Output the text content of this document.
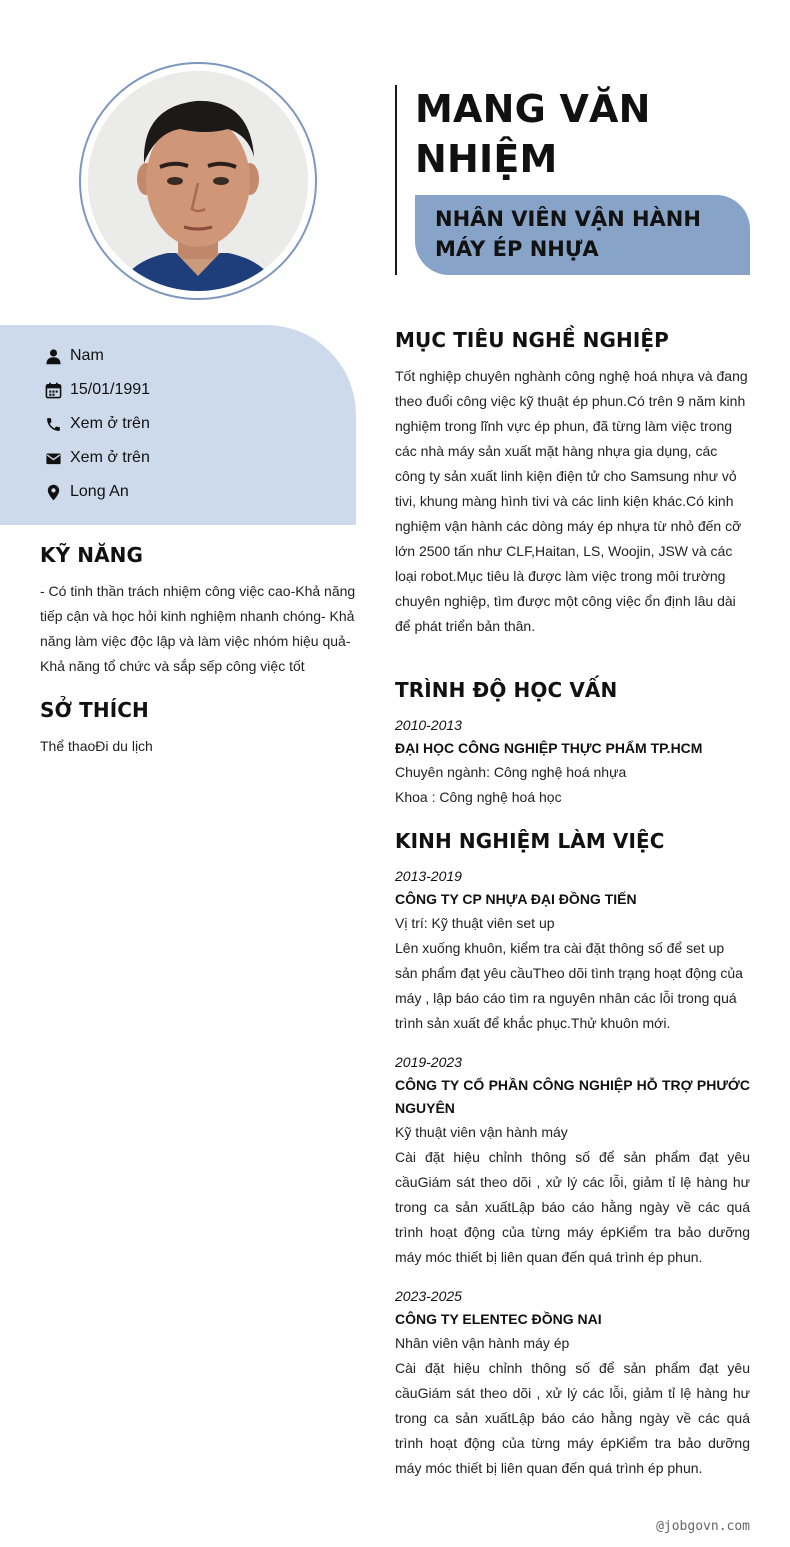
MANG VĂN NHIỆM
NHÂN VIÊN VẬN HÀNH MÁY ÉP NHỰA
Nam
15/01/1991
Xem ở trên
Xem ở trên
Long An
KỸ NĂNG
- Có tinh thần trách nhiệm công việc cao-Khả năng tiếp cận và học hỏi kinh nghiệm nhanh chóng- Khả năng làm việc độc lập và làm việc nhóm hiệu quả-Khả năng tổ chức và sắp sếp công việc tốt
SỞ THÍCH
Thể thaoĐi du lịch
MỤC TIÊU NGHỀ NGHIỆP
Tốt nghiệp chuyên nghành công nghệ hoá nhựa và đang theo đuổi công việc kỹ thuật ép phun.Có trên 9 năm kinh nghiệm trong lĩnh vực ép phun, đã từng làm việc trong các nhà máy sản xuất mặt hàng nhựa gia dụng, các công ty sản xuất linh kiện điện tử cho Samsung như vỏ tivi, khung màng hình tivi và các linh kiện khác.Có kinh nghiệm vận hành các dòng máy ép nhựa từ nhỏ đến cỡ lớn 2500 tấn như CLF,Haitan, LS, Woojin, JSW và các loại robot.Mục tiêu là được làm việc trong môi trường chuyên nghiệp, tìm được một công việc ổn định lâu dài để phát triển bản thân.
TRÌNH ĐỘ HỌC VẤN
2010-2013
ĐẠI HỌC CÔNG NGHIỆP THỰC PHẨM TP.HCM
Chuyên ngành: Công nghệ hoá nhựa
Khoa : Công nghệ hoá học
KINH NGHIỆM LÀM VIỆC
2013-2019
CÔNG TY CP NHỰA ĐẠI ĐỒNG TIẾN
Vị trí: Kỹ thuật viên set up
Lên xuống khuôn, kiểm tra cài đặt thông số để set up sản phẩm đạt yêu cầuTheo dõi tình trạng hoạt động của máy , lập báo cáo tìm ra nguyên nhân các lỗi trong quá trình sản xuất để khắc phục.Thử khuôn mới.
2019-2023
CÔNG TY CỔ PHẦN CÔNG NGHIỆP HỖ TRỢ PHƯỚC NGUYÊN
Kỹ thuật viên vận hành máy
Cài đặt hiệu chỉnh thông số để sản phẩm đạt yêu cầuGiám sát theo dõi , xử lý các lỗi, giảm tỉ lệ hàng hư trong ca sản xuấtLập báo cáo hằng ngày về các quá trình hoạt động của từng máy épKiểm tra bảo dưỡng máy móc thiết bị liên quan đến quá trình ép phun.
2023-2025
CÔNG TY ELENTEC ĐỒNG NAI
Nhân viên vận hành máy ép
Cài đặt hiệu chỉnh thông số để sản phẩm đạt yêu cầuGiám sát theo dõi , xử lý các lỗi, giảm tỉ lệ hàng hư trong ca sản xuấtLập báo cáo hằng ngày về các quá trình hoạt động của từng máy épKiểm tra bảo dưỡng máy móc thiết bị liên quan đến quá trình ép phun.
@jobgovn.com
